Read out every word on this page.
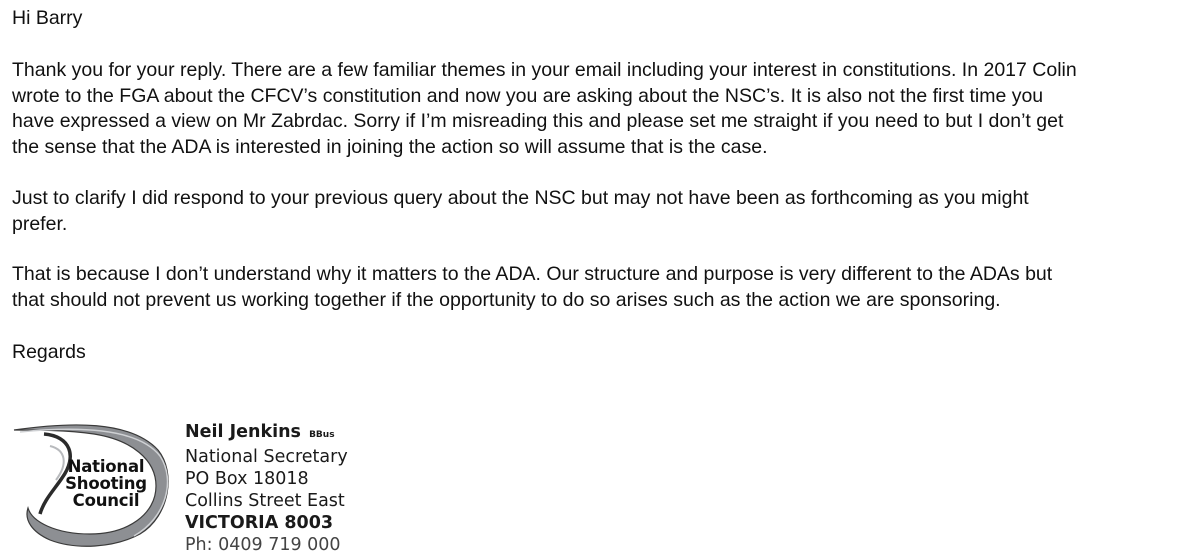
Hi Barry

Thank you for your reply. There are a few familiar themes in your email including your interest in constitutions. In 2017 Colin
wrote to the FGA about the CFCV’s constitution and now you are asking about the NSC’s. It is also not the first time you
have expressed a view on Mr Zabrdac. Sorry if I’m misreading this and please set me straight if you need to but I don’t get
the sense that the ADA is interested in joining the action so will assume that is the case.

Just to clarify I did respond to your previous query about the NSC but may not have been as forthcoming as you might
prefer.

That is because I don’t understand why it matters to the ADA. Our structure and purpose is very different to the ADAs but
that should not prevent us working together if the opportunity to do so arises such as the action we are sponsoring.

Regards

National
Shooting
Council
Neil Jenkins BBus
National Secretary
PO Box 18018
Collins Street East
VICTORIA 8003
Ph: 0409 719 000
